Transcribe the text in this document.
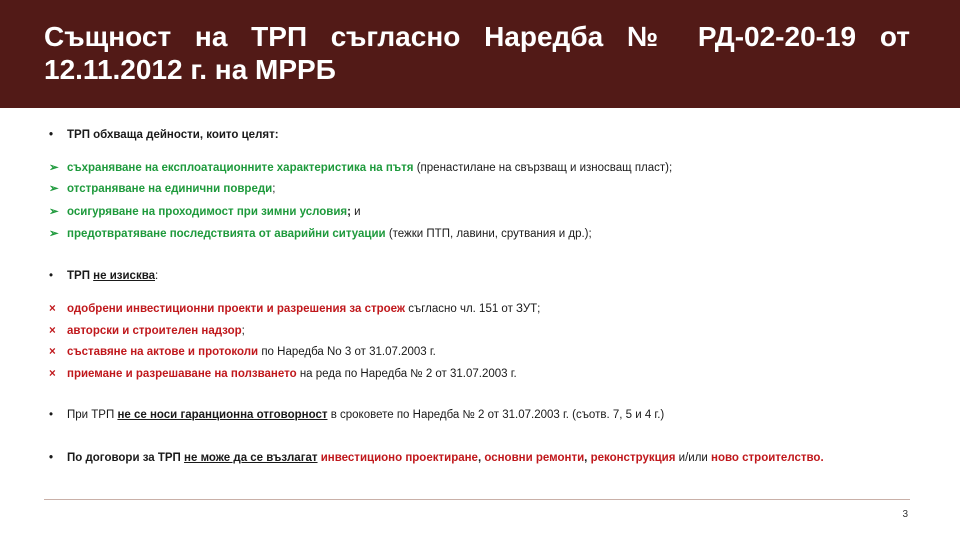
Същност на ТРП съгласно Наредба № РД-02-20-19 от 12.11.2012 г. на МРРБ
• ТРП обхваща дейности, които целят:
➢ съхраняване на експлоатационните характеристика на пътя (пренастилане на свързващ и износващ пласт);
➢ отстраняване на единични повреди;
➢ осигуряване на проходимост при зимни условия; и
➢ предотвратяване последствията от аварийни ситуации (тежки ПТП, лавини, срутвания и др.);
• ТРП не изисква:
× одобрени инвестиционни проекти и разрешения за строеж съгласно чл. 151 от ЗУТ;
× авторски и строителен надзор;
× съставяне на актове и протоколи по Наредба No 3 от 31.07.2003 г.
× приемане и разрешаване на ползването на реда по Наредба № 2 от 31.07.2003 г.
• При ТРП не се носи гаранционна отговорност в сроковете по Наредба № 2 от 31.07.2003 г. (съотв. 7, 5 и 4 г.)
•	По договори за ТРП не може да се възлагат инвестиционо проектиране, основни ремонти, реконструкция и/или ново строителство.
3
